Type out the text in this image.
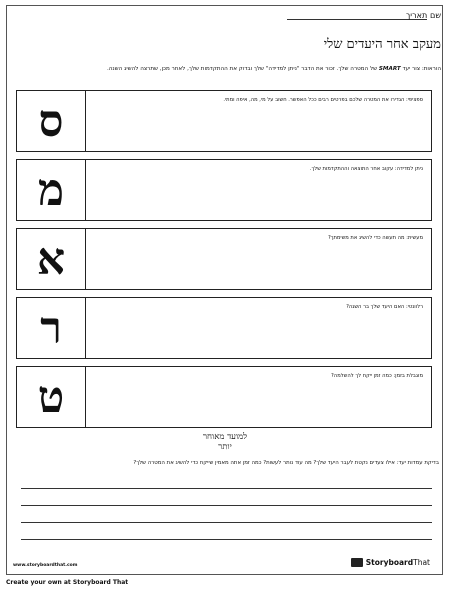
שם
תאריך
מעקב אחר היעדים שלי
הוראות: צור יעד SMART של המטרה שלך. זכור את הדבר "ניתן למדידה" שלך ובדוק את ההתקדמות שלך, לאחר מכן, שתרצה להשיג השנה.
ספציפי: הגדירו את המטרה שלכם בפרטים רבים ככל האפשר. חשוב על מי, מה, איפה ומתי.
ס
ניתן למדידה: עקוב אחר התוצאה וההתקדמות שלך.
מ
מעשית: מה תעשה כדי להשיג את משימתך?
א
רלוונטי: האם היעד שלך בר השגה?
ר
מוגבלת בזמן: כמה זמן ייקח לך להשלמה?
ט
למועד מאוחר
יותר
בדיקת עמדות יעד: אילו צעדים נקטת לעבר היעד שלך? מה עוד נותר לעשות? כמה זמן אתה מאמין שייקח כדי להשיג את המטרה שלך?
www.storyboardthat.com	Storyboard That
Create your own at Storyboard That
